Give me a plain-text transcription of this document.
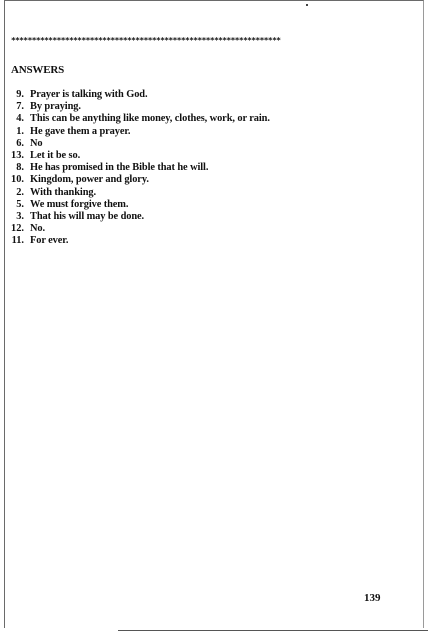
*****************************************************************
ANSWERS
9. Prayer is talking with God.
7. By praying.
4. This can be anything like money, clothes, work, or rain.
1. He gave them a prayer.
6. No
13. Let it be so.
8. He has promised in the Bible that he will.
10. Kingdom, power and glory.
2. With thanking.
5. We must forgive them.
3. That his will may be done.
12. No.
11. For ever.
139
